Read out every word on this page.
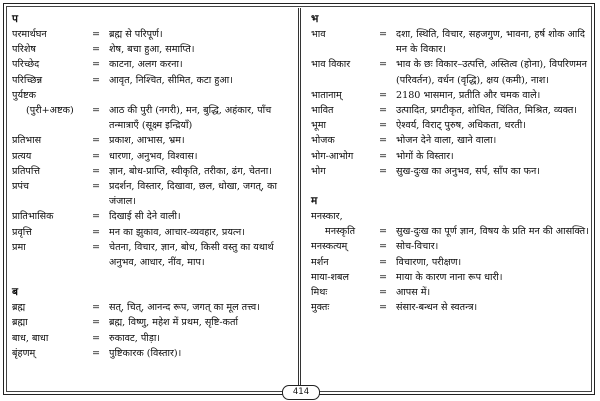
प
परमार्थघन	= ब्रह्म से परिपूर्ण।
परिशेष	= शेष, बचा हुआ, समाप्ति।
परिच्छेद	= काटना, अलग करना।
परिच्छिन्न	= आवृत, निश्चित, सीमित, कटा हुआ।
पुर्यष्टक
(पुरी+अष्टक)	= आठ की पुरी (नगरी), मन, बुद्धि, अहंकार, पाँच तन्मात्राएँ (सूक्ष्म इन्द्रियाँ)
प्रतिभास	= प्रकाश, आभास, भ्रम।
प्रत्यय	= धारणा, अनुभव, विश्वास।
प्रतिपत्ति	= ज्ञान, बोध-प्राप्ति, स्वीकृति, तरीका, ढंग, चेतना।
प्रपंच	= प्रदर्शन, विस्तार, दिखावा, छल, धोखा, जगत्, का जंजाल।
प्रातिभासिक	= दिखाई सी देने वाली।
प्रवृत्ति	= मन का झुकाव, आचार-व्यवहार, प्रयत्न।
प्रमा	= चेतना, विचार, ज्ञान, बोध, किसी वस्तु का यथार्थ अनुभव, आधार, नींव, माप।
ब
ब्रह्म	= सत्, चित्, आनन्द रूप, जगत् का मूल तत्त्व।
ब्रह्मा	= ब्रह्म, विष्णु, महेश में प्रथम, सृष्टि-कर्ता
बाध, बाधा	= रुकावट, पीड़ा।
बृंहणम्	= पुष्टिकारक (विस्तार)।
भ
भाव	= दशा, स्थिति, विचार, सहजगुण, भावना, हर्ष शोक आदि मन के विकार।
भाव विकार	= भाव के छः विकार–उत्पत्ति, अस्तित्व (होना), विपरिणमन (परिवर्तन), वर्धन (वृद्धि), क्षय (कमी), नाश।
भातानाम्	= 2180 भासमान, प्रतीति और चमक वाले।
भावित	= उत्पादित, प्रगटीकृत, शोधित, चिंतित, मिश्रित, व्यक्त।
भूमा	= ऐश्वर्य, विराट् पुरुष, अधिकता, धरती।
भोजक	= भोजन देने वाला, खाने वाला।
भोग-आभोग	= भोगों के विस्तार।
भोग	= सुख-दुःख का अनुभव, सर्प, साँप का फन।
म
मनस्कार,
मनस्कृति	= सुख-दुःख का पूर्ण ज्ञान, विषय के प्रति मन की आसक्ति।
मनस्कत्यम्	= सोच-विचार।
मर्शन	= विचारणा, परीक्षण।
माया-शबल	= माया के कारण नाना रूप धारी।
मिथः	= आपस में।
मुक्तः	= संसार-बन्धन से स्वतन्त्र।
414
